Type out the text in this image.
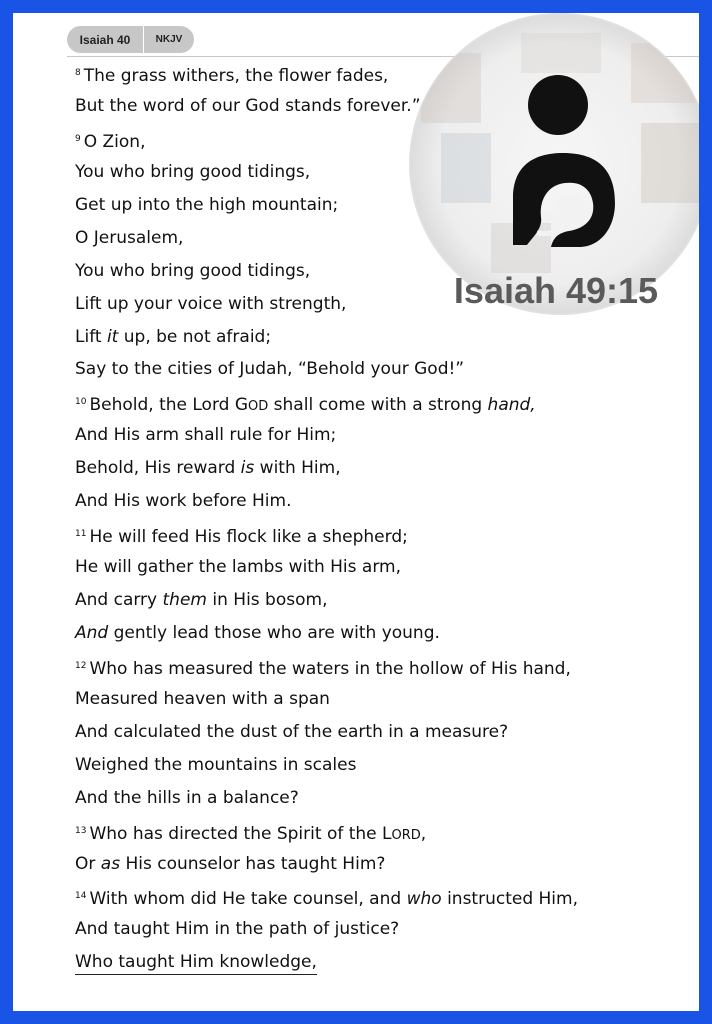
Isaiah 40	NKJV
$^8$ The grass withers, the flower fades,
But the word of our God stands forever.”
$^9$ O Zion,
You who bring good tidings,
Get up into the high mountain;
O Jerusalem,
You who bring good tidings,
Lift up your voice with strength,
Lift it up, be not afraid;
Say to the cities of Judah, “Behold your God!”
$^{10}$ Behold, the Lord GOD shall come with a strong hand,
And His arm shall rule for Him;
Behold, His reward is with Him,
And His work before Him.
$^{11}$ He will feed His flock like a shepherd;
He will gather the lambs with His arm,
And carry them in His bosom,
And gently lead those who are with young.
$^{12}$ Who has measured the waters in the hollow of His hand,
Measured heaven with a span
And calculated the dust of the earth in a measure?
Weighed the mountains in scales
And the hills in a balance?
$^{13}$ Who has directed the Spirit of the LORD,
Or as His counselor has taught Him?
$^{14}$ With whom did He take counsel, and who instructed Him,
And taught Him in the path of justice?
Who taught Him knowledge,
Isaiah 49:15
